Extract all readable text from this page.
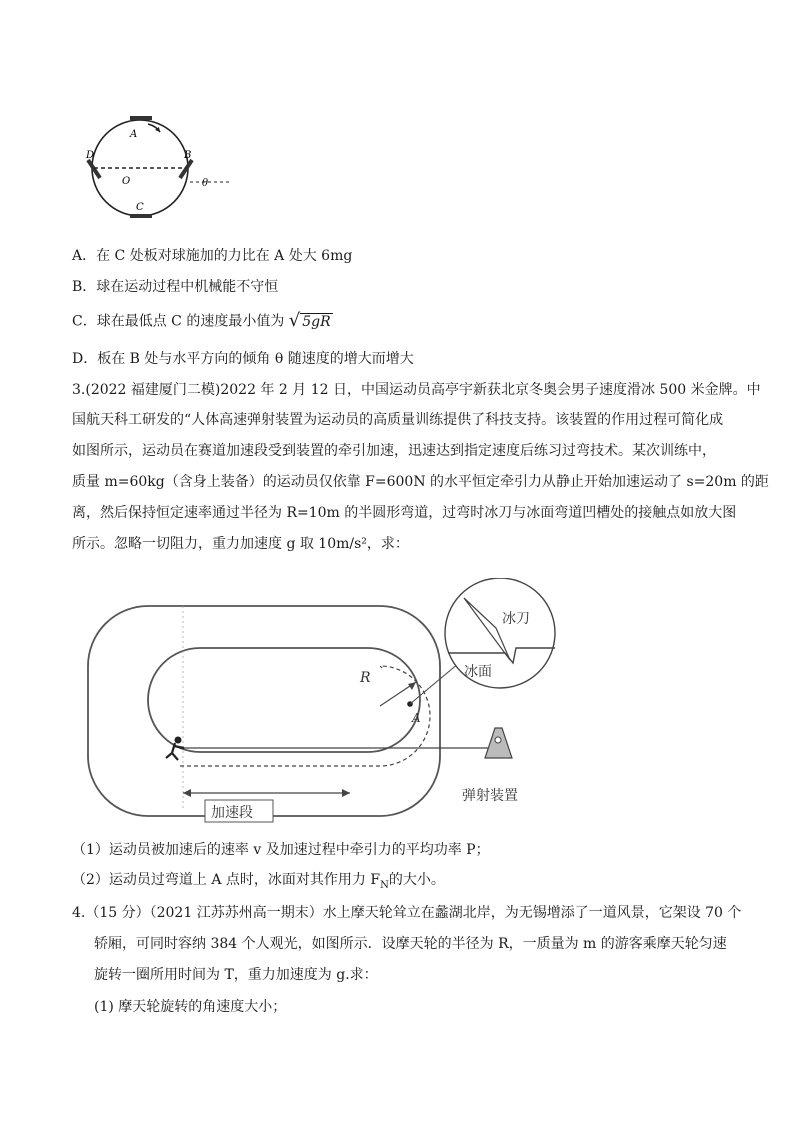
A
B
C
D
O	θ
A．在 C 处板对球施加的力比在 A 处大 6mg
B．球在运动过程中机械能不守恒
C．球在最低点 C 的速度最小值为 √ 5gR
D．板在 B 处与水平方向的倾角 θ 随速度的增大而增大
3.(2022 福建厦门二模)2022 年 2 月 12 日，中国运动员高亭宇新获北京冬奥会男子速度滑冰 500 米金牌。中
国航天科工研发的“人体高速弹射装置为运动员的高质量训练提供了科技支持。该装置的作用过程可简化成
如图所示，运动员在赛道加速段受到装置的牵引加速，迅速达到指定速度后练习过弯技术。某次训练中，
质量 m=60kg（含身上装备）的运动员仅依靠 F=600N 的水平恒定牵引力从静止开始加速运动了 s=20m 的距
离，然后保持恒定速率通过半径为 R=10m 的半圆形弯道，过弯时冰刀与冰面弯道凹槽处的接触点如放大图
所示。忽略一切阻力，重力加速度 g 取 10m/s²，求：
R
A
冰刀
冰面
弹射装置
加速段
（1）运动员被加速后的速率 v 及加速过程中牵引力的平均功率 P；
（2）运动员过弯道上 A 点时，冰面对其作用力 $F_N$的大小。
4.（15 分）（2021 江苏苏州高一期末）水上摩天轮耸立在蠡湖北岸，为无锡增添了一道风景，它架设 70 个
轿厢，可同时容纳 384 个人观光，如图所示．设摩天轮的半径为 R，一质量为 m 的游客乘摩天轮匀速
旋转一圈所用时间为 T，重力加速度为 g.求：
(1) 摩天轮旋转的角速度大小；
